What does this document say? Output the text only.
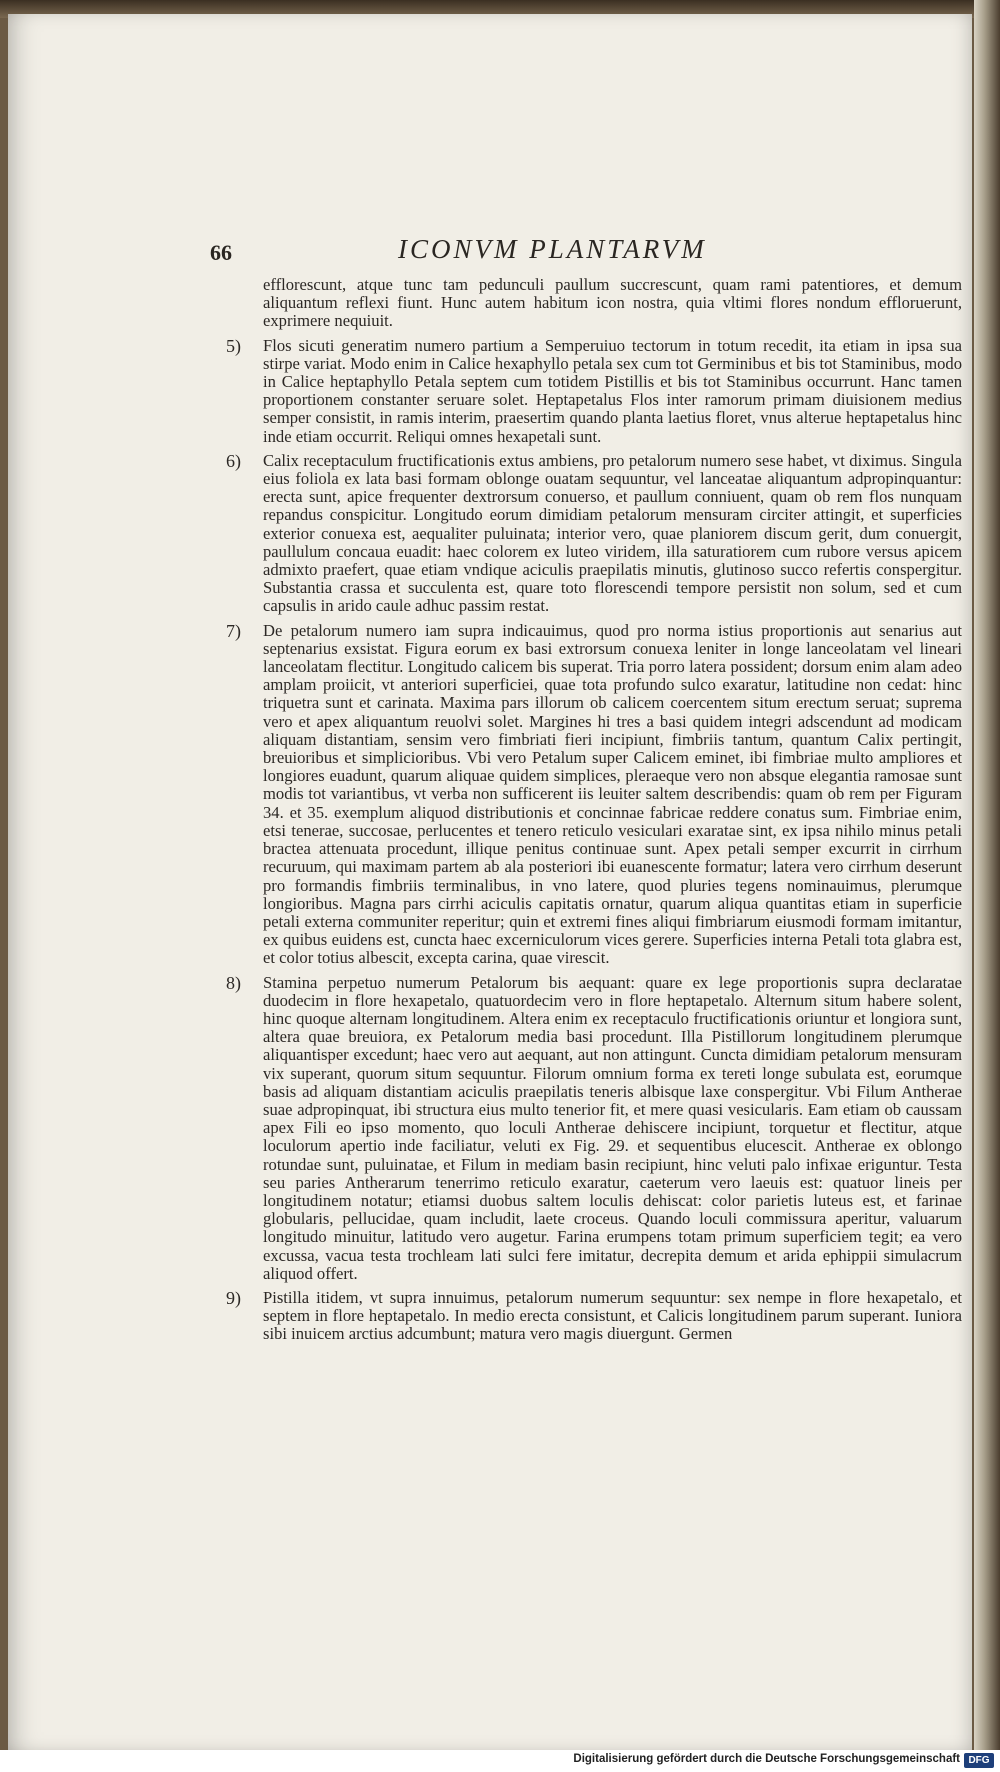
66	ICONVM PLANTARVM

efflorescunt, atque tunc tam pedunculi paullum succrescunt, quam rami patentiores, et demum aliquantum reflexi fiunt. Hunc autem habitum icon nostra, quia vltimi flores nondum effloruerunt, exprimere nequiuit.

5) Flos sicuti generatim numero partium a Semperuiuo tectorum in totum recedit, ita etiam in ipsa sua stirpe variat. Modo enim in Calice hexaphyllo petala sex cum tot Germinibus et bis tot Staminibus, modo in Calice heptaphyllo Petala septem cum totidem Pistillis et bis tot Staminibus occurrunt. Hanc tamen proportionem constanter seruare solet. Heptapetalus Flos inter ramorum primam diuisionem medius semper consistit, in ramis interim, praesertim quando planta laetius floret, vnus alterue heptapetalus hinc inde etiam occurrit. Reliqui omnes hexapetali sunt.

6) Calix receptaculum fructificationis extus ambiens, pro petalorum numero sese habet, vt diximus. Singula eius foliola ex lata basi formam oblonge ouatam sequuntur, vel lanceatae aliquantum adpropinquantur: erecta sunt, apice frequenter dextrorsum conuerso, et paullum conniuent, quam ob rem flos nunquam repandus conspicitur. Longitudo eorum dimidiam petalorum mensuram circiter attingit, et superficies exterior conuexa est, aequaliter puluinata; interior vero, quae planiorem discum gerit, dum conuergit, paullulum concaua euadit: haec colorem ex luteo viridem, illa saturatiorem cum rubore versus apicem admixto praefert, quae etiam vndique aciculis praepilatis minutis, glutinoso succo refertis conspergitur. Substantia crassa et succulenta est, quare toto florescendi tempore persistit non solum, sed et cum capsulis in arido caule adhuc passim restat.

7) De petalorum numero iam supra indicauimus, quod pro norma istius proportionis aut senarius aut septenarius exsistat. Figura eorum ex basi extrorsum conuexa leniter in longe lanceolatam vel lineari lanceolatam flectitur. Longitudo calicem bis superat. Tria porro latera possident; dorsum enim alam adeo amplam proiicit, vt anteriori superficiei, quae tota profundo sulco exaratur, latitudine non cedat: hinc triquetra sunt et carinata. Maxima pars illorum ob calicem coercentem situm erectum seruat; suprema vero et apex aliquantum reuolvi solet. Margines hi tres a basi quidem integri adscendunt ad modicam aliquam distantiam, sensim vero fimbriati fieri incipiunt, fimbriis tantum, quantum Calix pertingit, breuioribus et simplicioribus. Vbi vero Petalum super Calicem eminet, ibi fimbriae multo ampliores et longiores euadunt, quarum aliquae quidem simplices, pleraeque vero non absque elegantia ramosae sunt modis tot variantibus, vt verba non sufficerent iis leuiter saltem describendis: quam ob rem per Figuram 34. et 35. exemplum aliquod distributionis et concinnae fabricae reddere conatus sum. Fimbriae enim, etsi tenerae, succosae, perlucentes et tenero reticulo vesiculari exaratae sint, ex ipsa nihilo minus petali bractea attenuata procedunt, illique penitus continuae sunt. Apex petali semper excurrit in cirrhum recuruum, qui maximam partem ab ala posteriori ibi euanescente formatur; latera vero cirrhum deserunt pro formandis fimbriis terminalibus, in vno latere, quod pluries tegens nominauimus, plerumque longioribus. Magna pars cirrhi aciculis capitatis ornatur, quarum aliqua quantitas etiam in superficie petali externa communiter reperitur; quin et extremi fines aliqui fimbriarum eiusmodi formam imitantur, ex quibus euidens est, cuncta haec excerniculorum vices gerere. Superficies interna Petali tota glabra est, et color totius albescit, excepta carina, quae virescit.

8) Stamina perpetuo numerum Petalorum bis aequant: quare ex lege proportionis supra declaratae duodecim in flore hexapetalo, quatuordecim vero in flore heptapetalo. Alternum situm habere solent, hinc quoque alternam longitudinem. Altera enim ex receptaculo fructificationis oriuntur et longiora sunt, altera quae breuiora, ex Petalorum media basi procedunt. Illa Pistillorum longitudinem plerumque aliquantisper excedunt; haec vero aut aequant, aut non attingunt. Cuncta dimidiam petalorum mensuram vix superant, quorum situm sequuntur. Filorum omnium forma ex tereti longe subulata est, eorumque basis ad aliquam distantiam aciculis praepilatis teneris albisque laxe conspergitur. Vbi Filum Antherae suae adpropinquat, ibi structura eius multo tenerior fit, et mere quasi vesicularis. Eam etiam ob caussam apex Fili eo ipso momento, quo loculi Antherae dehiscere incipiunt, torquetur et flectitur, atque loculorum apertio inde faciliatur, veluti ex Fig. 29. et sequentibus elucescit. Antherae ex oblongo rotundae sunt, puluinatae, et Filum in mediam basin recipiunt, hinc veluti palo infixae eriguntur. Testa seu paries Antherarum tenerrimo reticulo exaratur, caeterum vero laeuis est: quatuor lineis per longitudinem notatur; etiamsi duobus saltem loculis dehiscat: color parietis luteus est, et farinae globularis, pellucidae, quam includit, laete croceus. Quando loculi commissura aperitur, valuarum longitudo minuitur, latitudo vero augetur. Farina erumpens totam primum superficiem tegit; ea vero excussa, vacua testa trochleam lati sulci fere imitatur, decrepita demum et arida ephippii simulacrum aliquod offert.

9) Pistilla itidem, vt supra innuimus, petalorum numerum sequuntur: sex nempe in flore hexapetalo, et septem in flore heptapetalo. In medio erecta consistunt, et Calicis longitudinem parum superant. Iuniora sibi inuicem arctius adcumbunt; matura vero magis diuergunt. Germen

Digitalisierung gefördert durch die Deutsche Forschungsgemeinschaft DFG
